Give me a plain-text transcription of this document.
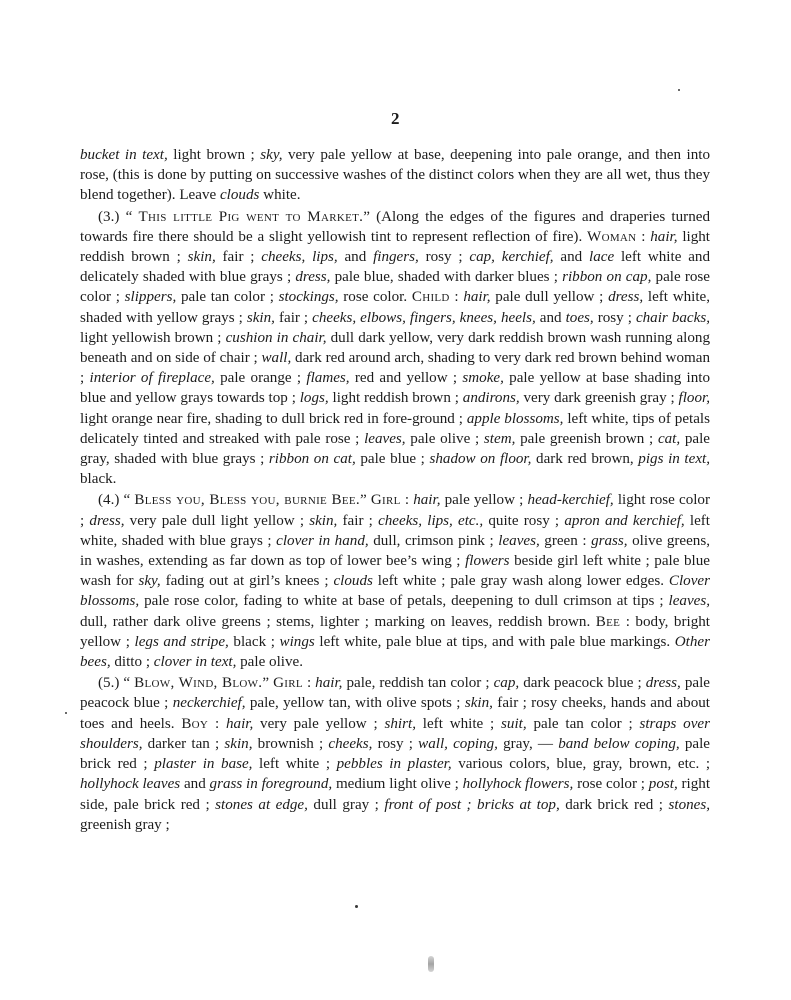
2

bucket in text, light brown ; sky, very pale yellow at base, deepening into pale orange, and then into rose, (this is done by putting on successive washes of the distinct colors when they are all wet, thus they blend together). Leave clouds white.

(3.) “ This little Pig went to Market.” (Along the edges of the figures and draperies turned towards fire there should be a slight yellowish tint to represent reflection of fire). Woman : hair, light reddish brown ; skin, fair ; cheeks, lips, and fingers, rosy ; cap, kerchief, and lace left white and delicately shaded with blue grays ; dress, pale blue, shaded with darker blues ; ribbon on cap, pale rose color ; slippers, pale tan color ; stockings, rose color. Child : hair, pale dull yellow ; dress, left white, shaded with yellow grays ; skin, fair ; cheeks, elbows, fingers, knees, heels, and toes, rosy ; chair backs, light yellowish brown ; cushion in chair, dull dark yellow, very dark reddish brown wash running along beneath and on side of chair ; wall, dark red around arch, shading to very dark red brown behind woman ; interior of fireplace, pale orange ; flames, red and yellow ; smoke, pale yellow at base shading into blue and yellow grays towards top ; logs, light reddish brown ; andirons, very dark greenish gray ; floor, light orange near fire, shading to dull brick red in fore-ground ; apple blossoms, left white, tips of petals delicately tinted and streaked with pale rose ; leaves, pale olive ; stem, pale greenish brown ; cat, pale gray, shaded with blue grays ; ribbon on cat, pale blue ; shadow on floor, dark red brown, pigs in text, black.

(4.) “ Bless you, Bless you, burnie Bee.” Girl : hair, pale yellow ; head-kerchief, light rose color ; dress, very pale dull light yellow ; skin, fair ; cheeks, lips, etc., quite rosy ; apron and kerchief, left white, shaded with blue grays ; clover in hand, dull, crimson pink ; leaves, green : grass, olive greens, in washes, extending as far down as top of lower bee’s wing ; flowers beside girl left white ; pale blue wash for sky, fading out at girl’s knees ; clouds left white ; pale gray wash along lower edges. Clover blossoms, pale rose color, fading to white at base of petals, deepening to dull crimson at tips ; leaves, dull, rather dark olive greens ; stems, lighter ; marking on leaves, reddish brown. Bee : body, bright yellow ; legs and stripe, black ; wings left white, pale blue at tips, and with pale blue markings. Other bees, ditto ; clover in text, pale olive.

(5.) “ Blow, Wind, Blow.” Girl : hair, pale, reddish tan color ; cap, dark peacock blue ; dress, pale peacock blue ; neckerchief, pale, yellow tan, with olive spots ; skin, fair ; rosy cheeks, hands and about toes and heels. Boy : hair, very pale yellow ; shirt, left white ; suit, pale tan color ; straps over shoulders, darker tan ; skin, brownish ; cheeks, rosy ; wall, coping, gray, — band below coping, pale brick red ; plaster in base, left white ; pebbles in plaster, various colors, blue, gray, brown, etc. ; hollyhock leaves and grass in foreground, medium light olive ; hollyhock flowers, rose color ; post, right side, pale brick red ; stones at edge, dull gray ; front of post ; bricks at top, dark brick red ; stones, greenish gray ;
